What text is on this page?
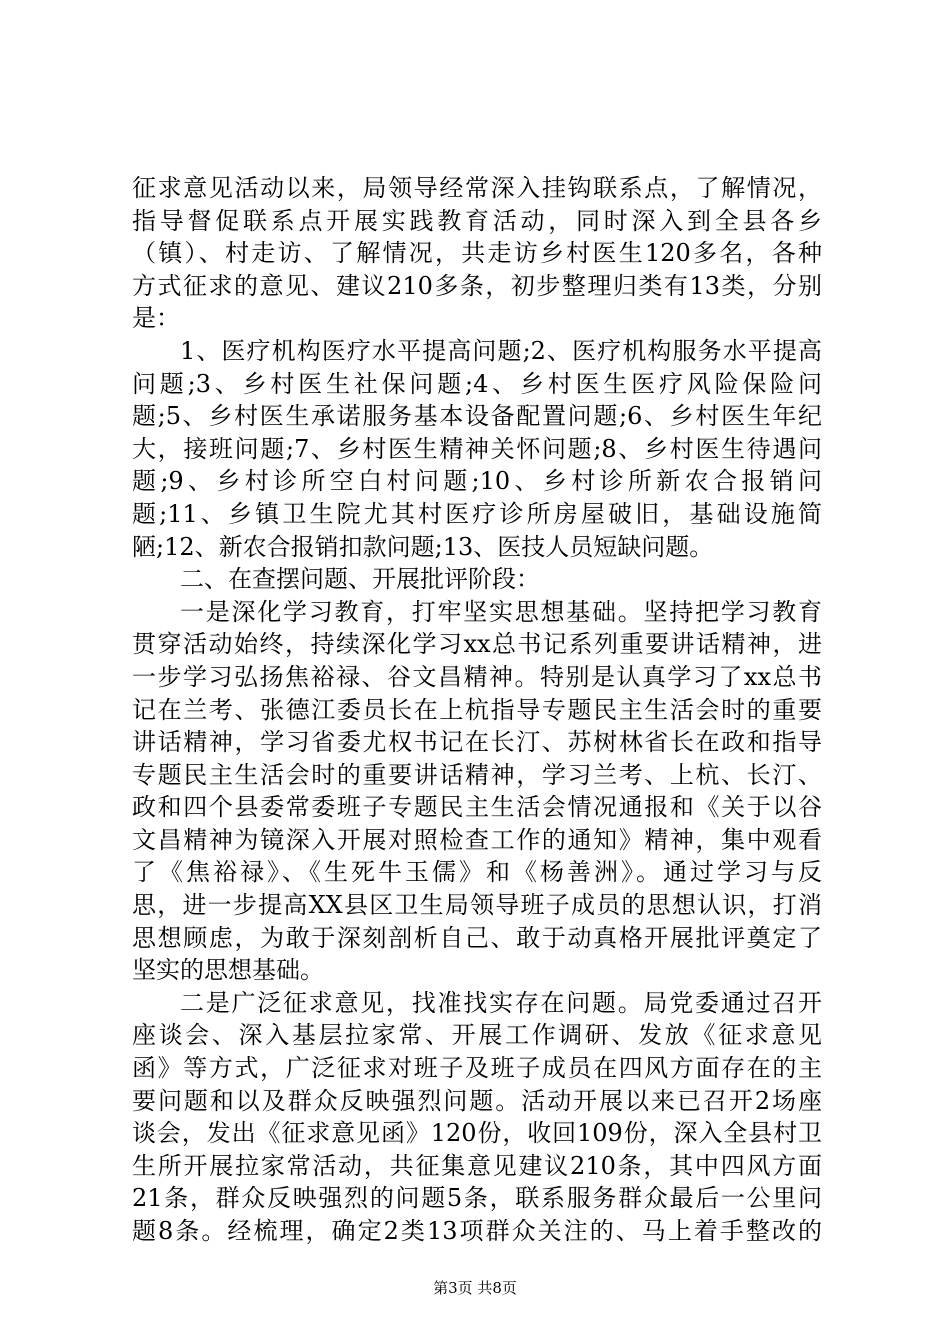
征求意见活动以来，局领导经常深入挂钩联系点，了解情况，
指导督促联系点开展实践教育活动，同时深入到全县各乡
（镇）、村走访、了解情况，共走访乡村医生120多名，各种
方式征求的意见、建议210多条，初步整理归类有13类，分别
是：
1、医疗机构医疗水平提高问题;2、医疗机构服务水平提高
问题;3、乡村医生社保问题;4、乡村医生医疗风险保险问
题;5、乡村医生承诺服务基本设备配置问题;6、乡村医生年纪
大，接班问题;7、乡村医生精神关怀问题;8、乡村医生待遇问
题;9、乡村诊所空白村问题;10、乡村诊所新农合报销问
题;11、乡镇卫生院尤其村医疗诊所房屋破旧，基础设施简
陋;12、新农合报销扣款问题;13、医技人员短缺问题。
二、在查摆问题、开展批评阶段：
一是深化学习教育，打牢坚实思想基础。坚持把学习教育
贯穿活动始终，持续深化学习xx总书记系列重要讲话精神，进
一步学习弘扬焦裕禄、谷文昌精神。特别是认真学习了xx总书
记在兰考、张德江委员长在上杭指导专题民主生活会时的重要
讲话精神，学习省委尤权书记在长汀、苏树林省长在政和指导
专题民主生活会时的重要讲话精神，学习兰考、上杭、长汀、
政和四个县委常委班子专题民主生活会情况通报和《关于以谷
文昌精神为镜深入开展对照检查工作的通知》精神，集中观看
了《焦裕禄》、《生死牛玉儒》和《杨善洲》。通过学习与反
思，进一步提高XX县区卫生局领导班子成员的思想认识，打消
思想顾虑，为敢于深刻剖析自己、敢于动真格开展批评奠定了
坚实的思想基础。
二是广泛征求意见，找准找实存在问题。局党委通过召开
座谈会、深入基层拉家常、开展工作调研、发放《征求意见
函》等方式，广泛征求对班子及班子成员在四风方面存在的主
要问题和以及群众反映强烈问题。活动开展以来已召开2场座
谈会，发出《征求意见函》120份，收回109份，深入全县村卫
生所开展拉家常活动，共征集意见建议210条，其中四风方面
21条，群众反映强烈的问题5条，联系服务群众最后一公里问
题8条。经梳理，确定2类13项群众关注的、马上着手整改的
第3页 共8页
